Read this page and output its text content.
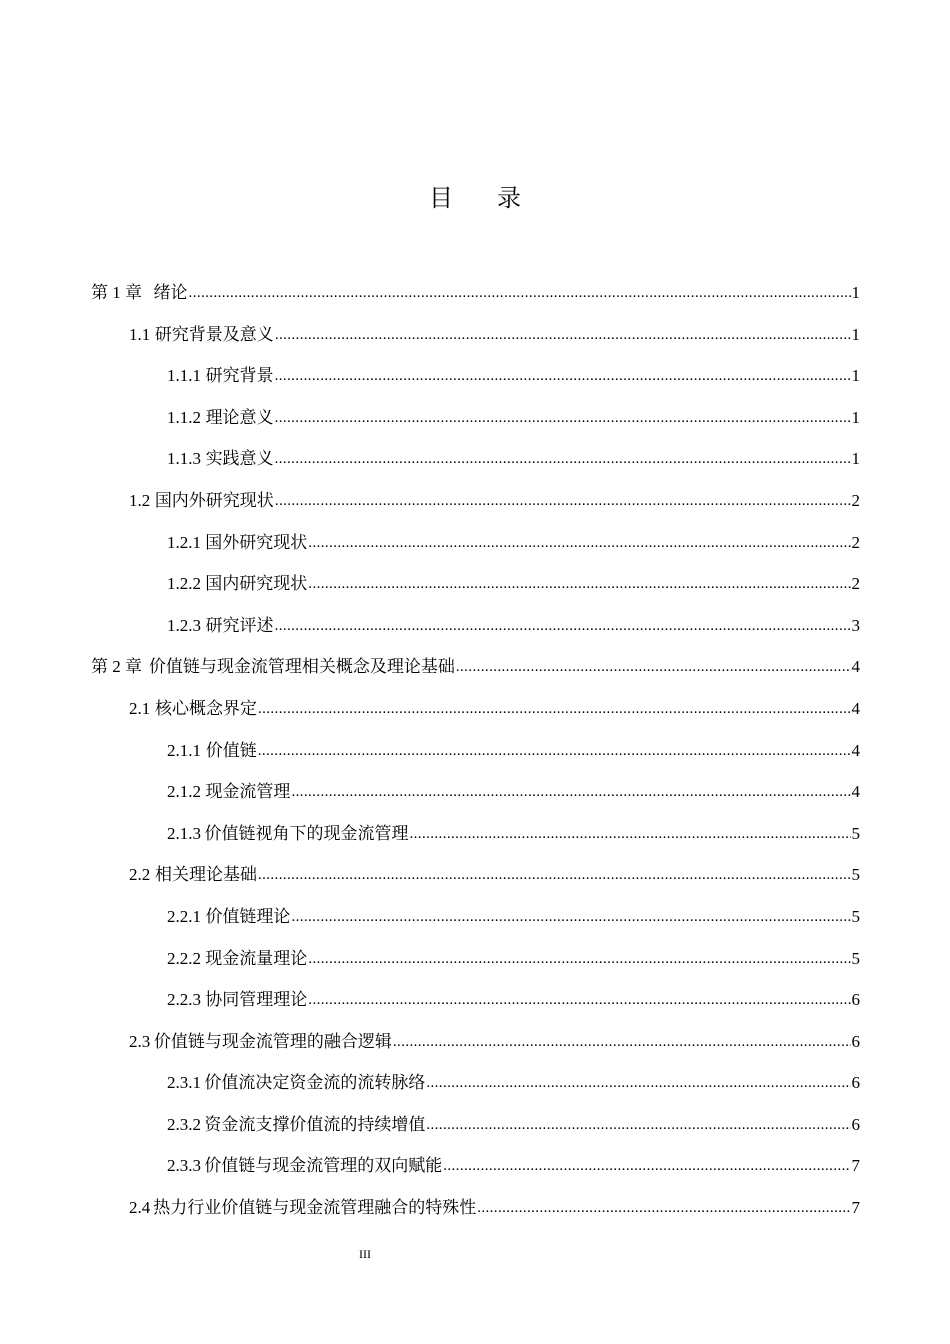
目 录
第 1 章 绪论 .....	1
1.1 研究背景及意义 .....	1
1.1.1 研究背景 .....	1
1.1.2 理论意义 .....	1
1.1.3 实践意义 .....	1
1.2 国内外研究现状 .....	2
1.2.1 国外研究现状 .....	2
1.2.2 国内研究现状 .....	2
1.2.3 研究评述 .....	3
第 2 章 价值链与现金流管理相关概念及理论基础 .....	4
2.1 核心概念界定 .....	4
2.1.1 价值链 .....	4
2.1.2 现金流管理 .....	4
2.1.3 价值链视角下的现金流管理 .....	5
2.2 相关理论基础 .....	5
2.2.1 价值链理论 .....	5
2.2.2 现金流量理论 .....	5
2.2.3 协同管理理论 .....	6
2.3 价值链与现金流管理的融合逻辑 .....	6
2.3.1 价值流决定资金流的流转脉络 .....	6
2.3.2 资金流支撑价值流的持续增值 .....	6
2.3.3 价值链与现金流管理的双向赋能 .....	7
2.4 热力行业价值链与现金流管理融合的特殊性 .....	7
III
